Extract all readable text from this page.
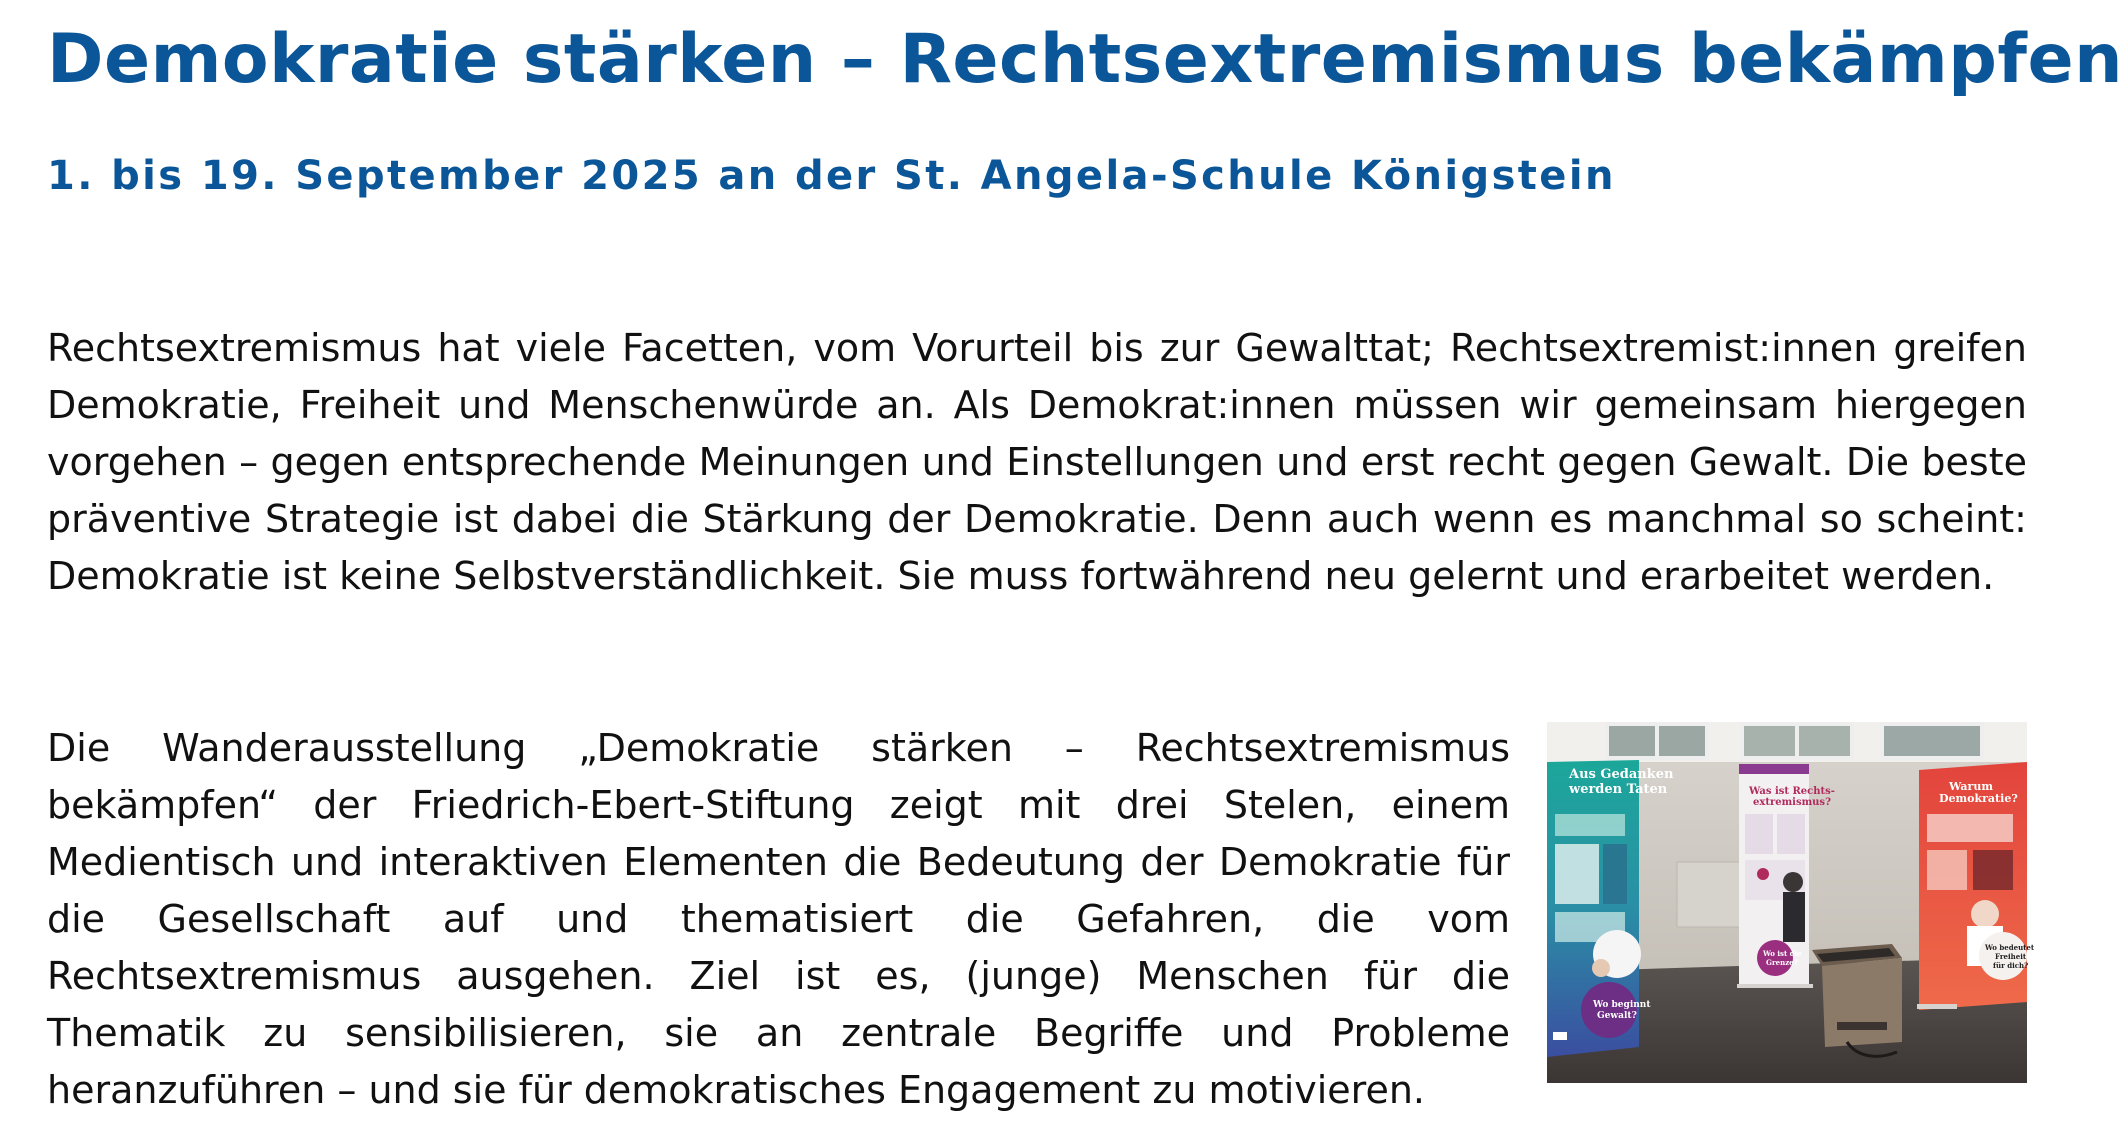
Demokratie stärken – Rechtsextremismus bekämpfen
1. bis 19. September 2025 an der St. Angela-Schule Königstein

Rechtsextremismus hat viele Facetten, vom Vorurteil bis zur Gewalttat; Rechtsextremist:innen greifen Demokratie, Freiheit und Menschenwürde an. Als Demokrat:innen müssen wir gemeinsam hiergegen vorgehen – gegen entsprechende Meinungen und Einstellungen und erst recht gegen Gewalt. Die beste präventive Strategie ist dabei die Stärkung der Demokratie. Denn auch wenn es manchmal so scheint: Demokratie ist keine Selbstverständlichkeit. Sie muss fortwährend neu gelernt und erarbeitet werden.

Die Wanderausstellung „Demokratie stärken – Rechtsextremismus bekämpfen“ der Friedrich-Ebert-Stiftung zeigt mit drei Stelen, einem Medientisch und interaktiven Elementen die Bedeutung der Demokratie für die Gesellschaft auf und thematisiert die Gefahren, die vom Rechtsextremismus ausgehen. Ziel ist es, (junge) Menschen für die Thematik zu sensibilisieren, sie an zentrale Begriffe und Probleme heranzuführen – und sie für demokratisches Engagement zu motivieren.

Aus Gedanken
werden Taten
Wo beginnt
Gewalt?
Was ist Rechts-
extremismus?
Wo ist die
Grenze?
Warum
Demokratie?
Wo bedeutet
Freiheit
für dich?
